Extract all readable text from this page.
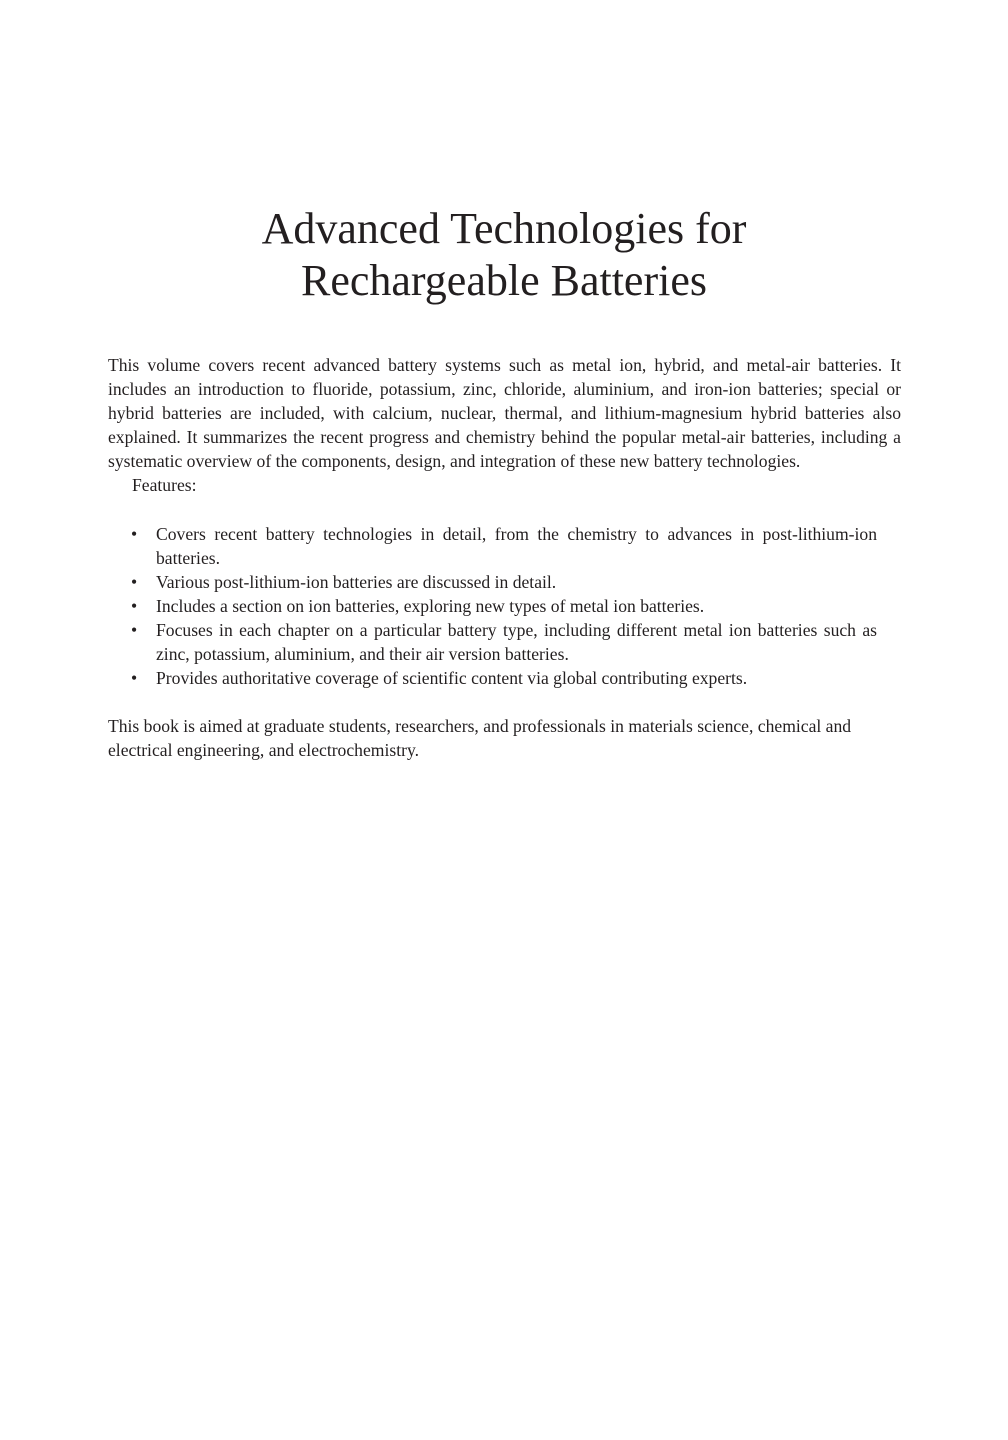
Advanced Technologies for
Rechargeable Batteries

This volume covers recent advanced battery systems such as metal ion, hybrid, and metal-air batteries. It includes an introduction to fluoride, potassium, zinc, chloride, aluminium, and iron-ion batteries; special or hybrid batteries are included, with calcium, nuclear, thermal, and lithium-magnesium hybrid batteries also explained. It summarizes the recent progress and chemistry behind the popular metal-air batteries, including a systematic overview of the components, design, and integration of these new battery technologies.

Features:

• Covers recent battery technologies in detail, from the chemistry to advances in post-lithium-ion batteries.
• Various post-lithium-ion batteries are discussed in detail.
• Includes a section on ion batteries, exploring new types of metal ion batteries.
• Focuses in each chapter on a particular battery type, including different metal ion batteries such as zinc, potassium, aluminium, and their air version batteries.
• Provides authoritative coverage of scientific content via global contributing experts.

This book is aimed at graduate students, researchers, and professionals in materials science, chemical and electrical engineering, and electrochemistry.
